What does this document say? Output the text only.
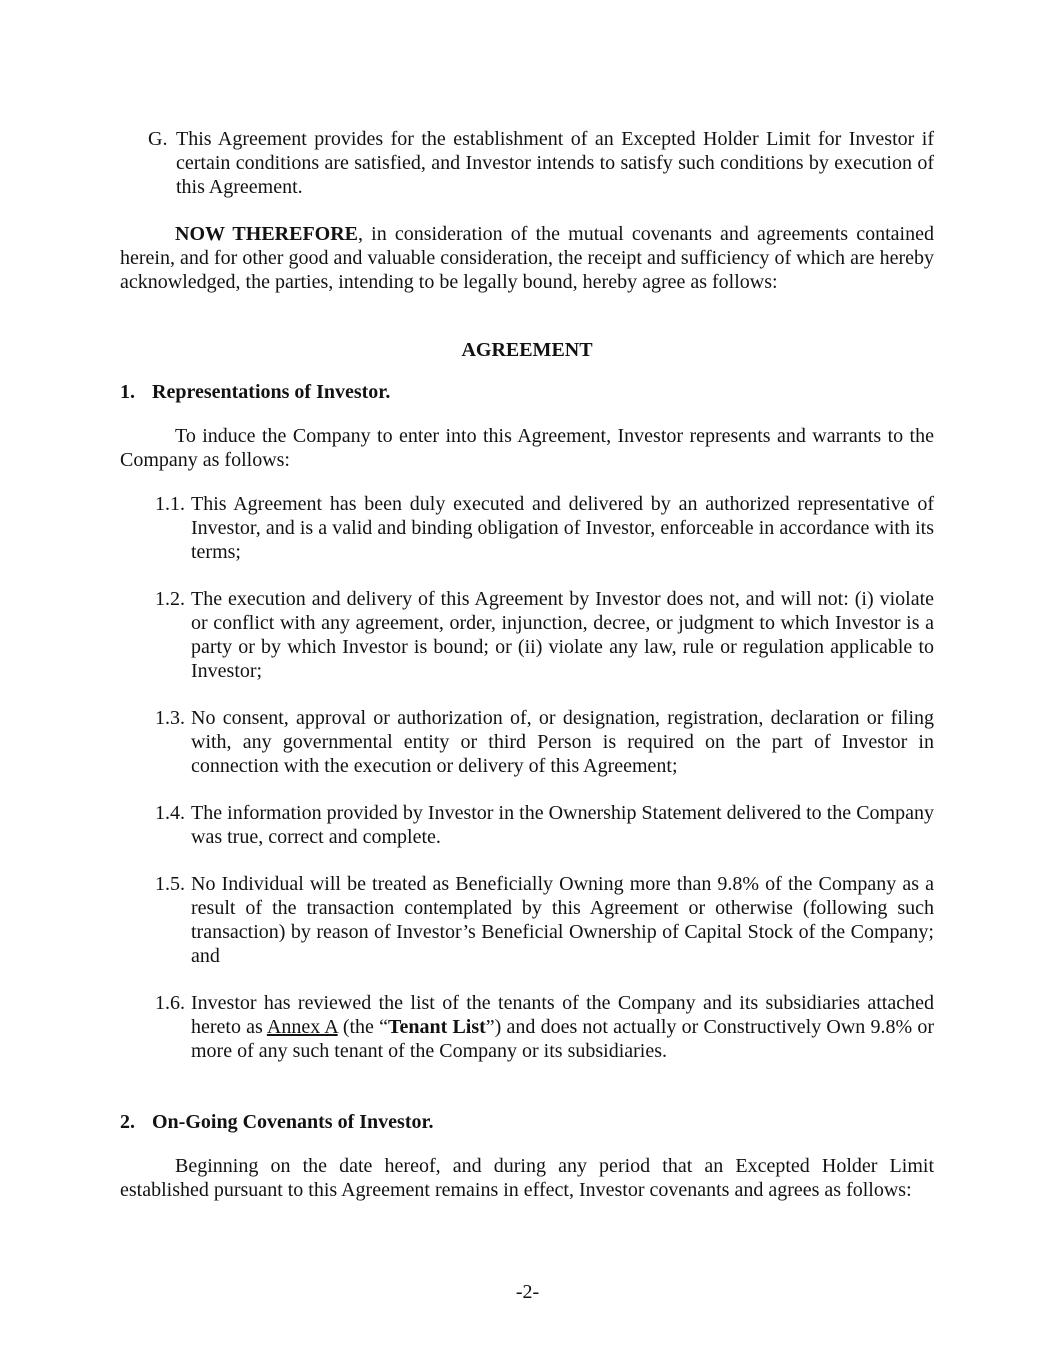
G. This Agreement provides for the establishment of an Excepted Holder Limit for Investor if certain conditions are satisfied, and Investor intends to satisfy such conditions by execution of this Agreement.

NOW THEREFORE, in consideration of the mutual covenants and agreements contained herein, and for other good and valuable consideration, the receipt and sufficiency of which are hereby acknowledged, the parties, intending to be legally bound, hereby agree as follows:

AGREEMENT
1. Representations of Investor.

To induce the Company to enter into this Agreement, Investor represents and warrants to the Company as follows:

1.1. This Agreement has been duly executed and delivered by an authorized representative of Investor, and is a valid and binding obligation of Investor, enforceable in accordance with its terms;
1.2. The execution and delivery of this Agreement by Investor does not, and will not: (i) violate or conflict with any agreement, order, injunction, decree, or judgment to which Investor is a party or by which Investor is bound; or (ii) violate any law, rule or regulation applicable to Investor;
1.3. No consent, approval or authorization of, or designation, registration, declaration or filing with, any governmental entity or third Person is required on the part of Investor in connection with the execution or delivery of this Agreement;
1.4. The information provided by Investor in the Ownership Statement delivered to the Company was true, correct and complete.
1.5. No Individual will be treated as Beneficially Owning more than 9.8% of the Company as a result of the transaction contemplated by this Agreement or otherwise (following such transaction) by reason of Investor’s Beneficial Ownership of Capital Stock of the Company; and
1.6. Investor has reviewed the list of the tenants of the Company and its subsidiaries attached hereto as Annex A (the “Tenant List”) and does not actually or Constructively Own 9.8% or more of any such tenant of the Company or its subsidiaries.
2. On-Going Covenants of Investor.

Beginning on the date hereof, and during any period that an Excepted Holder Limit established pursuant to this Agreement remains in effect, Investor covenants and agrees as follows:

-2-
